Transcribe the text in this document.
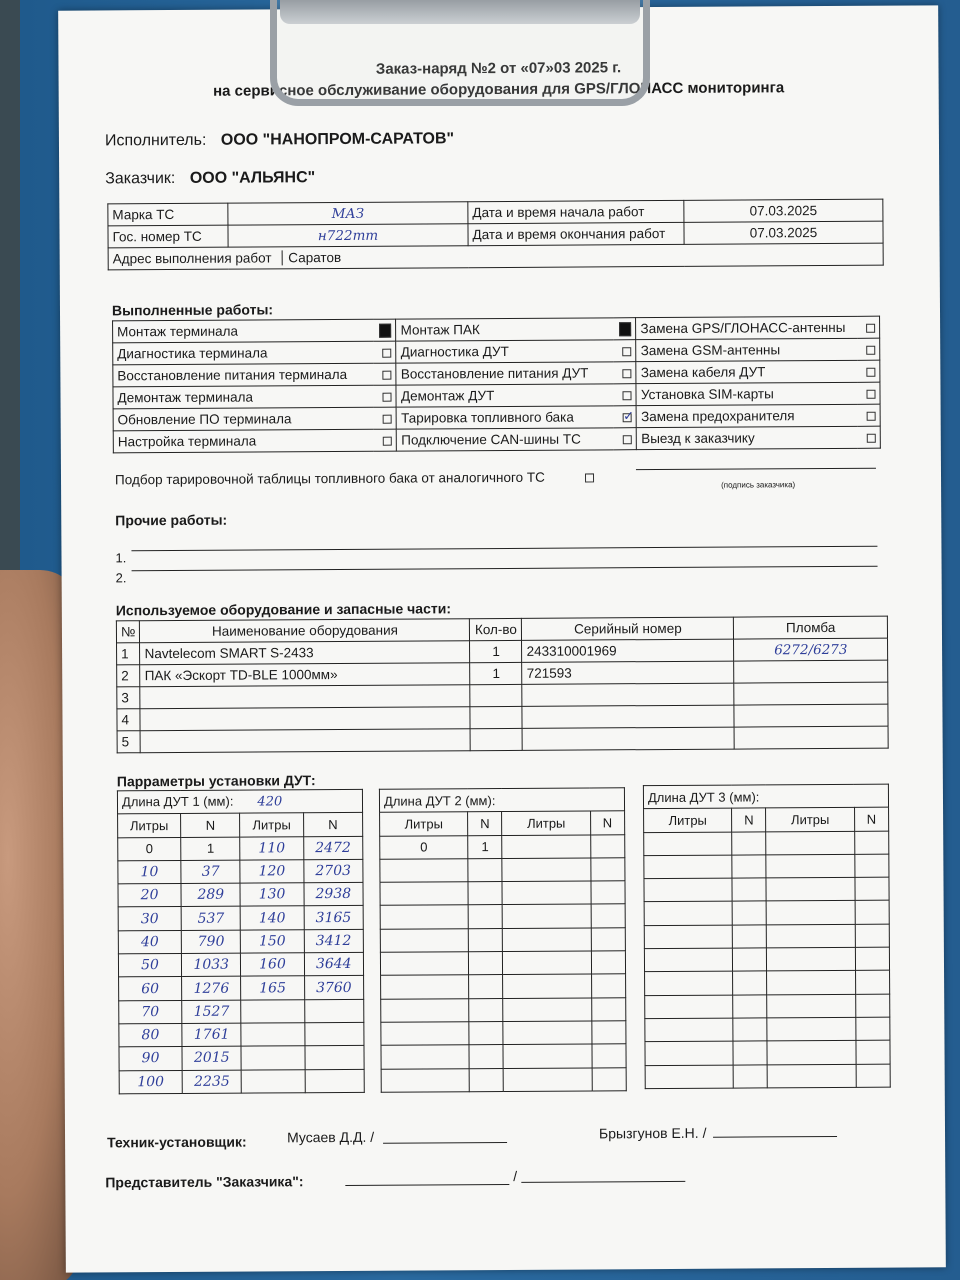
Заказ-наряд №2 от «07»03 2025 г.
на сервисное обслуживание оборудования для GPS/ГЛОНАСС мониторинга
Исполнитель: ООО "НАНОПРОМ-САРАТОВ"
Заказчик: ООО "АЛЬЯНС"
Марка ТС	МАЗ	Дата и время начала работ	07.03.2025
Гос. номер ТС	н722тт	Дата и время окончания работ	07.03.2025
Адрес выполнения работ Саратов			
Выполненные работы:
Монтаж терминала		Монтаж ПАК		Замена GPS/ГЛОНАСС-антенны	
Диагностика терминала		Диагностика ДУТ		Замена GSM-антенны	
Восстановление питания терминала		Восстановление питания ДУТ		Замена кабеля ДУТ	
Демонтаж терминала		Демонтаж ДУТ		Установка SIM-карты	
Обновление ПО терминала		Тарировка топливного бака	✓	Замена предохранителя	
Настройка терминала		Подключение CAN-шины ТС		Выезд к заказчику	
Подбор тарировочной таблицы топливного бака от аналогичного ТС	(подпись заказчика)
Прочие работы:
1.
2.
Используемое оборудование и запасные части:
№	Наименование оборудования	Кол-во	Серийный номер	Пломба
1	Navtelecom SMART S-2433	1	243310001969	6272/6273
2	ПАК «Эскорт TD-BLE 1000мм»	1	721593	
3				
4				
5				
Парраметры установки ДУТ:
Длина ДУТ 1 (мм): 420			
Литры	N	Литры	N
0	1	110	2472
10	37	120	2703
20	289	130	2938
30	537	140	3165
40	790	150	3412
50	1033	160	3644
60	1276	165	3760
70	1527		
80	1761		
90	2015		
100	2235		
Длина ДУТ 2 (мм):			
Литры	N	Литры	N
0	1		

Длина ДУТ 3 (мм):			
Литры	N	Литры	N

Техник-установщик:	Мусаев Д.Д. /	Брызгунов Е.Н. /
Представитель "Заказчика":	/
